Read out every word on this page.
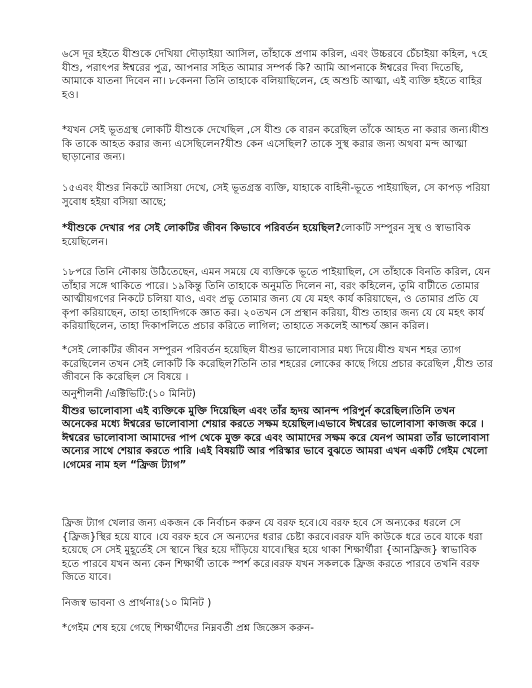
৬সে দূর হইতে যীশুকে দেখিয়া দৌড়াইয়া আসিল, তাঁহাকে প্রণাম করিল, এবং উচ্চরবে চেঁচাইয়া কহিল, ৭হে যীশু, পরাৎপর ঈশ্বরের পুত্র, আপনার সহিত আমার সম্পর্ক কি? আমি আপনাকে ঈশ্বরের দিব্য দিতেছি, আমাকে যাতনা দিবেন না। ৮কেননা তিনি তাহাকে বলিয়াছিলেন, হে অশুচি আত্মা, এই ব্যক্তি হইতে বাহির হও।

*যখন সেই ভূতগ্রস্থ লোকটি যীশুকে দেখেছিল ,সে যীশু কে বারন করেছিল তাঁকে আহত না করার জন্য।যীশু কি তাকে আহত করার জন্য এসেছিলেন?যীশু কেন এসেছিল? তাকে সুস্থ করার জন্য অথবা মন্দ আত্মা ছাড়ানোর জন্য।

১৫এবং যীশুর নিকটে আসিয়া দেখে, সেই ভূতগ্রস্ত ব্যক্তি, যাহাকে বাহিনী-ভূতে পাইয়াছিল, সে কাপড় পরিয়া সুবোধ হইয়া বসিয়া আছে;

*যীশুকে দেখার পর সেই লোকটির জীবন কিভাবে পরিবর্তন হয়েছিল?লোকটি সম্পুরন সুস্থ ও স্বাভাবিক হয়েছিলেন।

১৮পরে তিনি নৌকায় উঠিতেছেন, এমন সময়ে যে ব্যক্তিকে ভূতে পাইয়াছিল, সে তাঁহাকে বিনতি করিল, যেন তাঁহার সঙ্গে থাকিতে পারে। ১৯কিন্তু তিনি তাহাকে অনুমতি দিলেন না, বরং কহিলেন, তুমি বাটীতে তোমার আত্মীয়গণের নিকটে চলিয়া যাও, এবং প্রভু তোমার জন্য যে যে মহৎ কার্য করিয়াছেন, ও তোমার প্রতি যে কৃপা করিয়াছেন, তাহা তাহাদিগকে জ্ঞাত কর। ২০তখন সে প্রস্থান করিয়া, যীশু তাহার জন্য যে যে মহৎ কার্য করিয়াছিলেন, তাহা দিকাপলিতে প্রচার করিতে লাগিল; তাহাতে সকলেই আশ্চর্য জ্ঞান করিল।

*সেই লোকটির জীবন সম্পুরন পরিবর্তন হয়েছিল যীশুর ভালোবাসার মধ্য দিয়ে।যীশু যখন শহর ত্যাগ করেছিলেন তখন সেই লোকটি কি করেছিল?তিনি তার শহরের লোকের কাছে গিয়ে প্রচার করেছিল ,যীশু তার জীবনে কি করেছিল সে বিষয়ে ।

অনুশীলনী /এক্টিভিটি:(১০ মিনিট)
যীশুর ভালোবাসা এই ব্যক্তিকে মুক্তি দিয়েছিল এবং তাঁর হৃদয় আনন্দ পরিপুর্ন করেছিল।তিনি তখন অনেকের মধ্যে ঈশ্বরের ভালোবাসা শেয়ার করতে সক্ষম হয়েছিল।এভাবে ঈশ্বরের ভালোবাসা কাজজ করে ।ঈশ্বরের ভালোবাসা আমাদের পাপ থেকে মুক্ত করে এবং আমাদের সক্ষম করে যেনপ আমরা তাঁর ভালোবাসা অন্যের সাথে শেয়ার করতে পারি ।এই বিষয়টি আর পরিস্কার ভাবে বুঝতে আমরা এখন একটি গেইম খেলো ।গেমের নাম হল “ফ্রিজ ট্যাগ”

ফ্রিজ ট্যাগ খেলার জন্য একজন কে নির্বাচন করুন যে বরফ হবে।যে বরফ হবে সে অন্যকের ধরলে সে {ফ্রিজ}স্থির হয়ে যাবে ।যে বরফ হবে সে অন্যদের ধরার চেষ্টা করবে।বরফ যদি কাউকে ধরে তবে যাকে ধরা হয়েছে সে সেই মুহূর্তেই সে স্থানে স্থির হয়ে দাঁড়িয়ে যাবে।স্থির হয়ে থাকা শিক্ষার্থীরা {আনফ্রিজ} স্বাভাবিক হতে পারবে যখন অন্য কেন শিক্ষার্থী তাকে স্পর্শ করে।বরফ যখন সকলকে ফ্রিজ করতে পারবে তখনি বরফ জিতে যাবে।

নিজস্ব ভাবনা ও প্রার্থনাঃ(১০ মিনিট )

*গেইম শেষ হয়ে গেছে শিক্ষার্থীদের নিম্নবর্তী প্রশ্ন জিজ্ঞেস করুন-
